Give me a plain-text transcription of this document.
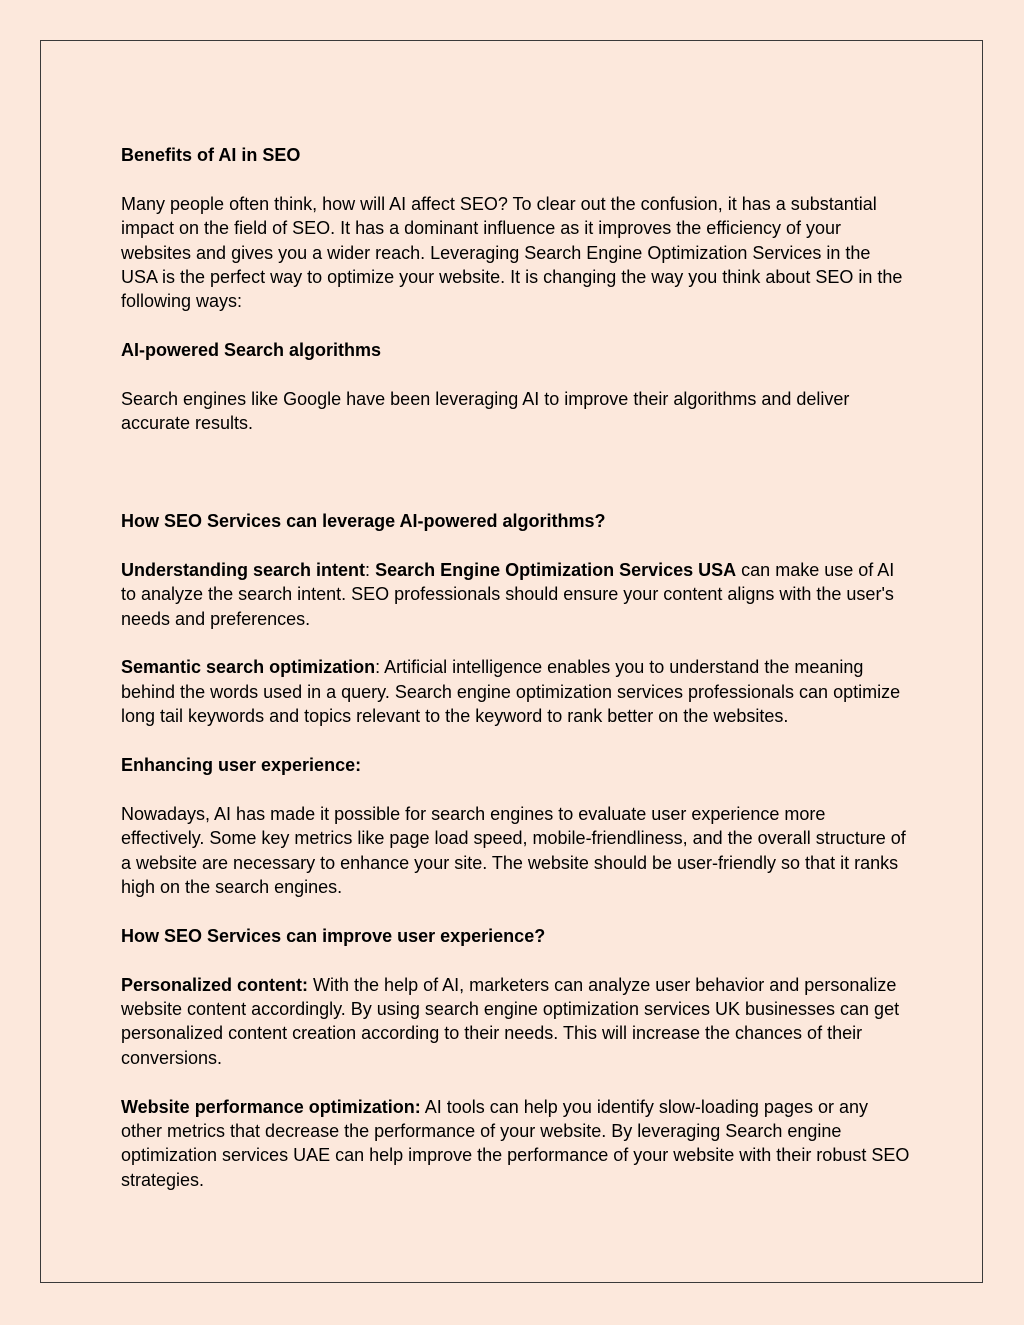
Benefits of AI in SEO

Many people often think, how will AI affect SEO? To clear out the confusion, it has a substantial impact on the field of SEO. It has a dominant influence as it improves the efficiency of your websites and gives you a wider reach. Leveraging Search Engine Optimization Services in the USA is the perfect way to optimize your website. It is changing the way you think about SEO in the following ways:

AI-powered Search algorithms

Search engines like Google have been leveraging AI to improve their algorithms and deliver accurate results.

How SEO Services can leverage AI-powered algorithms?

Understanding search intent: Search Engine Optimization Services USA can make use of AI to analyze the search intent. SEO professionals should ensure your content aligns with the user's needs and preferences.

Semantic search optimization: Artificial intelligence enables you to understand the meaning behind the words used in a query. Search engine optimization services professionals can optimize long tail keywords and topics relevant to the keyword to rank better on the websites.

Enhancing user experience:

Nowadays, AI has made it possible for search engines to evaluate user experience more effectively. Some key metrics like page load speed, mobile-friendliness, and the overall structure of a website are necessary to enhance your site. The website should be user-friendly so that it ranks high on the search engines.

How SEO Services can improve user experience?

Personalized content: With the help of AI, marketers can analyze user behavior and personalize website content accordingly. By using search engine optimization services UK businesses can get personalized content creation according to their needs. This will increase the chances of their conversions.

Website performance optimization: AI tools can help you identify slow-loading pages or any other metrics that decrease the performance of your website. By leveraging Search engine optimization services UAE can help improve the performance of your website with their robust SEO strategies.
